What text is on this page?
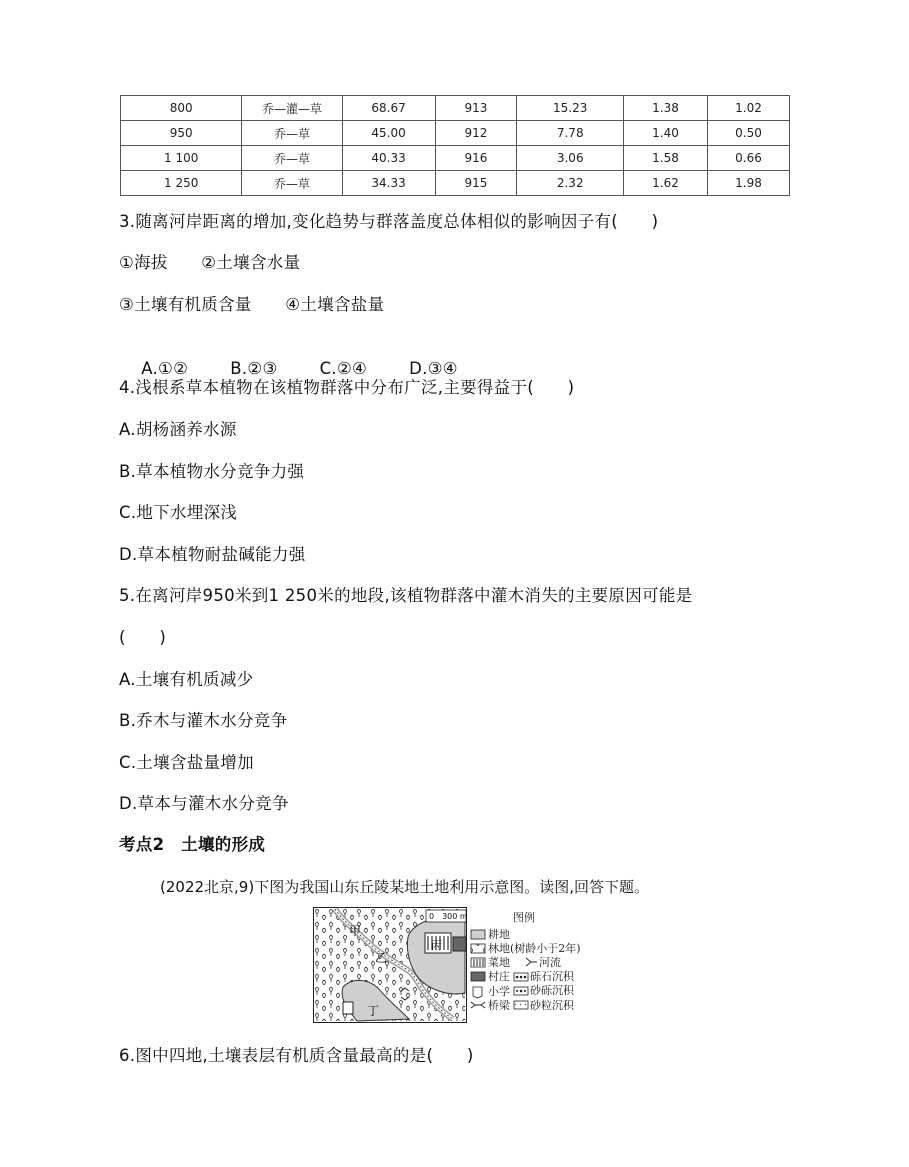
800	乔—灌—草	68.67	913	15.23	1.38	1.02
950	乔—草	45.00	912	7.78	1.40	0.50
1 100	乔—草	40.33	916	3.06	1.58	0.66
1 250	乔—草	34.33	915	2.32	1.62	1.98
3.随离河岸距离的增加,变化趋势与群落盖度总体相似的影响因子有(　　)
①海拔　　②土壤含水量
③土壤有机质含量　　④土壤含盐量

A.①②	B.②③	C.②④	D.③④

4.浅根系草本植物在该植物群落中分布广泛,主要得益于(　　)
A.胡杨涵养水源
B.草本植物水分竞争力强
C.地下水埋深浅
D.草本植物耐盐碱能力强
5.在离河岸950米到1 250米的地段,该植物群落中灌木消失的主要原因可能是
(　　)
A.土壤有机质减少
B.乔木与灌木水分竞争
C.土壤含盐量增加
D.草本与灌木水分竞争
考点2　土壤的形成
(2022北京,9)下图为我国山东丘陵某地土地利用示意图。读图,回答下题。
甲
乙
丙
丁
0　300 m	图例
耕地
林地(树龄小于2年)
菜地	河流
村庄 砾石沉积
小学 砂砾沉积
桥梁 砂粒沉积
6.图中四地,土壤表层有机质含量最高的是(　　)
